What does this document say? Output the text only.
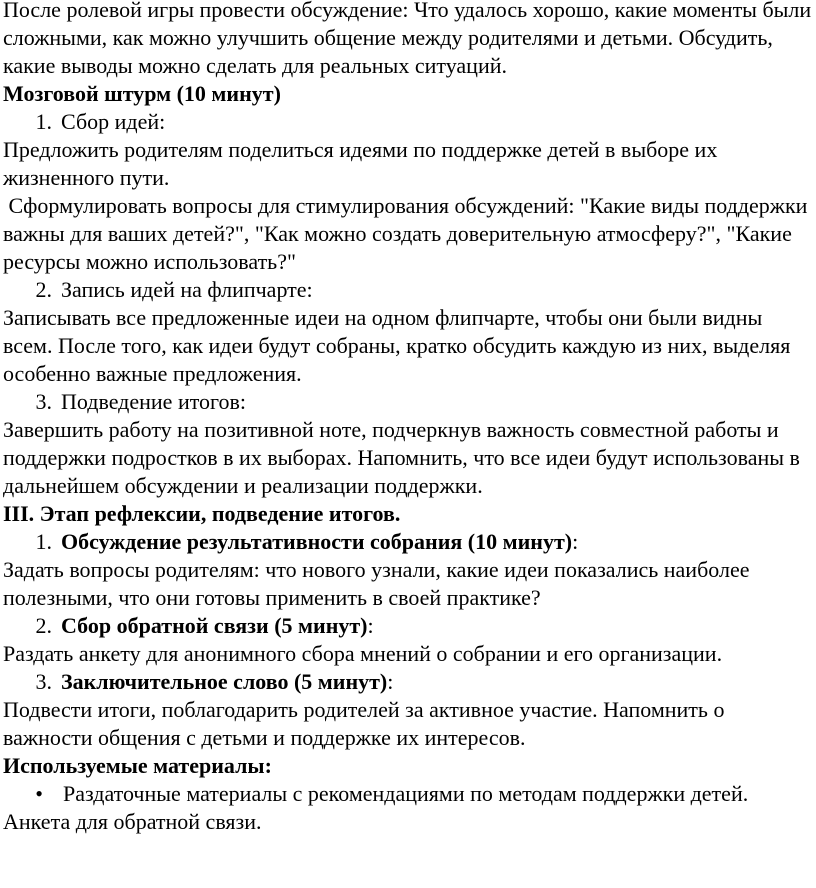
После ролевой игры провести обсуждение: Что удалось хорошо, какие моменты были сложными, как можно улучшить общение между родителями и детьми. Обсудить, какие выводы можно сделать для реальных ситуаций.

Мозговой штурм (10 минут)

1. Сбор идей:

Предложить родителям поделиться идеями по поддержке детей в выборе их жизненного пути.

Сформулировать вопросы для стимулирования обсуждений: "Какие виды поддержки важны для ваших детей?", "Как можно создать доверительную атмосферу?", "Какие ресурсы можно использовать?"

2. Запись идей на флипчарте:

Записывать все предложенные идеи на одном флипчарте, чтобы они были видны всем. После того, как идеи будут собраны, кратко обсудить каждую из них, выделяя особенно важные предложения.

3. Подведение итогов:

Завершить работу на позитивной ноте, подчеркнув важность совместной работы и поддержки подростков в их выборах. Напомнить, что все идеи будут использованы в дальнейшем обсуждении и реализации поддержки.

III. Этап рефлексии, подведение итогов.

1. Обсуждение результативности собрания (10 минут):

Задать вопросы родителям: что нового узнали, какие идеи показались наиболее полезными, что они готовы применить в своей практике?

2. Сбор обратной связи (5 минут):

Раздать анкету для анонимного сбора мнений о собрании и его организации.

3. Заключительное слово (5 минут):

Подвести итоги, поблагодарить родителей за активное участие. Напомнить о важности общения с детьми и поддержке их интересов.

Используемые материалы:

• Раздаточные материалы с рекомендациями по методам поддержки детей.

Анкета для обратной связи.
